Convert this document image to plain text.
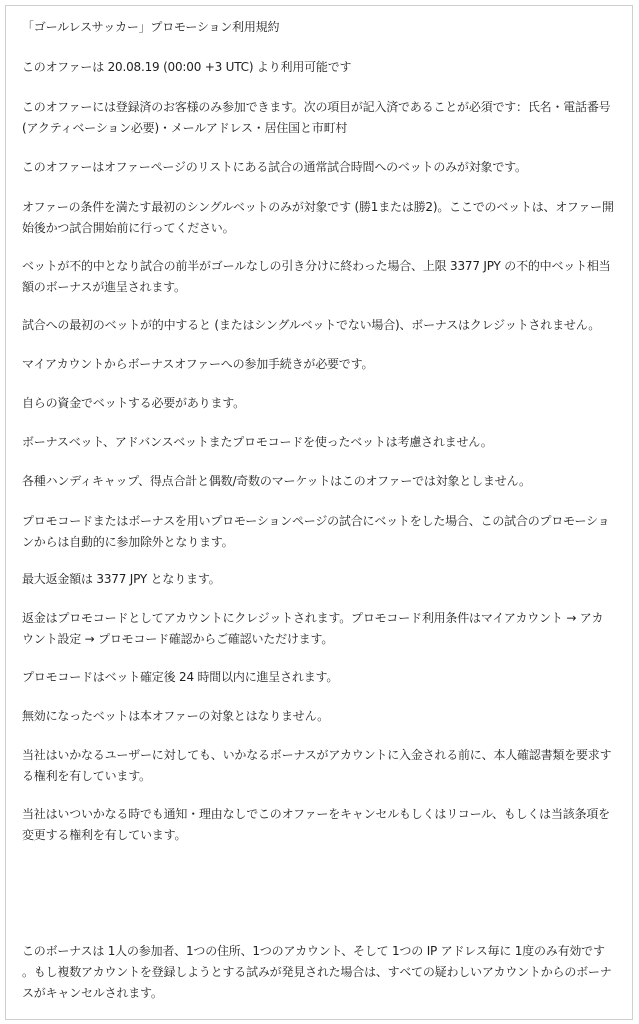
「ゴールレスサッカー」プロモーション利用規約

このオファーは 20.08.19 (00:00 +3 UTC) より利用可能です

このオファーには登録済のお客様のみ参加できます。次の項目が記入済であることが必須です：氏名・電話番号 (アクティベーション必要)・メールアドレス・居住国と市町村

このオファーはオファーページのリストにある試合の通常試合時間へのベットのみが対象です。

オファーの条件を満たす最初のシングルベットのみが対象です (勝1または勝2)。ここでのベットは、オファー開始後かつ試合開始前に行ってください。

ベットが不的中となり試合の前半がゴールなしの引き分けに終わった場合、上限 3377 JPY の不的中ベット相当額のボーナスが進呈されます。

試合への最初のベットが的中すると (またはシングルベットでない場合)、ボーナスはクレジットされません。

マイアカウントからボーナスオファーへの参加手続きが必要です。

自らの資金でベットする必要があります。

ボーナスベット、アドバンスベットまたプロモコードを使ったベットは考慮されません。

各種ハンディキャップ、得点合計と偶数/奇数のマーケットはこのオファーでは対象としません。

プロモコードまたはボーナスを用いプロモーションページの試合にベットをした場合、この試合のプロモーションからは自動的に参加除外となります。

最大返金額は 3377 JPY となります。

返金はプロモコードとしてアカウントにクレジットされます。プロモコード利用条件はマイアカウント → アカウント設定 → プロモコード確認からご確認いただけます。

プロモコードはベット確定後 24 時間以内に進呈されます。

無効になったベットは本オファーの対象とはなりません。

当社はいかなるユーザーに対しても、いかなるボーナスがアカウントに入金される前に、本人確認書類を要求する権利を有しています。

当社はいついかなる時でも通知・理由なしでこのオファーをキャンセルもしくはリコール、もしくは当該条項を変更する権利を有しています。

このボーナスは 1人の参加者、1つの住所、1つのアカウント、そして 1つの IP アドレス毎に 1度のみ有効です。もし複数アカウントを登録しようとする試みが発見された場合は、すべての疑わしいアカウントからのボーナスがキャンセルされます。
